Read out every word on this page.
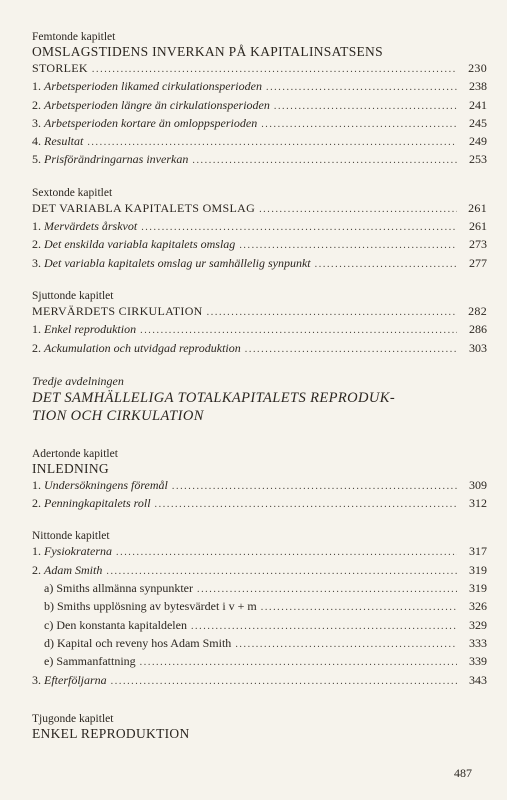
Femtonde kapitlet
OMSLAGSTIDENS INVERKAN PÅ KAPITALINSATSENS
STORLEK .....	230
1. Arbetsperioden likamed cirkulationsperioden .....	238
2. Arbetsperioden längre än cirkulationsperioden .....	241
3. Arbetsperioden kortare än omloppsperioden .....	245
4. Resultat .....	249
5. Prisförändringarnas inverkan .....	253
Sextonde kapitlet
DET VARIABLA KAPITALETS OMSLAG .....	261
1. Mervärdets årskvot .....	261
2. Det enskilda variabla kapitalets omslag .....	273
3. Det variabla kapitalets omslag ur samhällelig synpunkt .....	277
Sjuttonde kapitlet
MERVÄRDETS CIRKULATION .....	282
1. Enkel reproduktion .....	286
2. Ackumulation och utvidgad reproduktion .....	303
Tredje avdelningen
DET SAMHÄLLELIGA TOTALKAPITALETS REPRODUK-
TION OCH CIRKULATION
Adertonde kapitlet
INLEDNING
1. Undersökningens föremål .....	309
2. Penningkapitalets roll .....	312
Nittonde kapitlet
1. Fysiokraterna .....	317
2. Adam Smith .....	319
a) Smiths allmänna synpunkter .....	319
b) Smiths upplösning av bytesvärdet i v + m .....	326
c) Den konstanta kapitaldelen .....	329
d) Kapital och reveny hos Adam Smith .....	333
e) Sammanfattning .....	339
3. Efterföljarna .....	343
Tjugonde kapitlet
ENKEL REPRODUKTION
487
